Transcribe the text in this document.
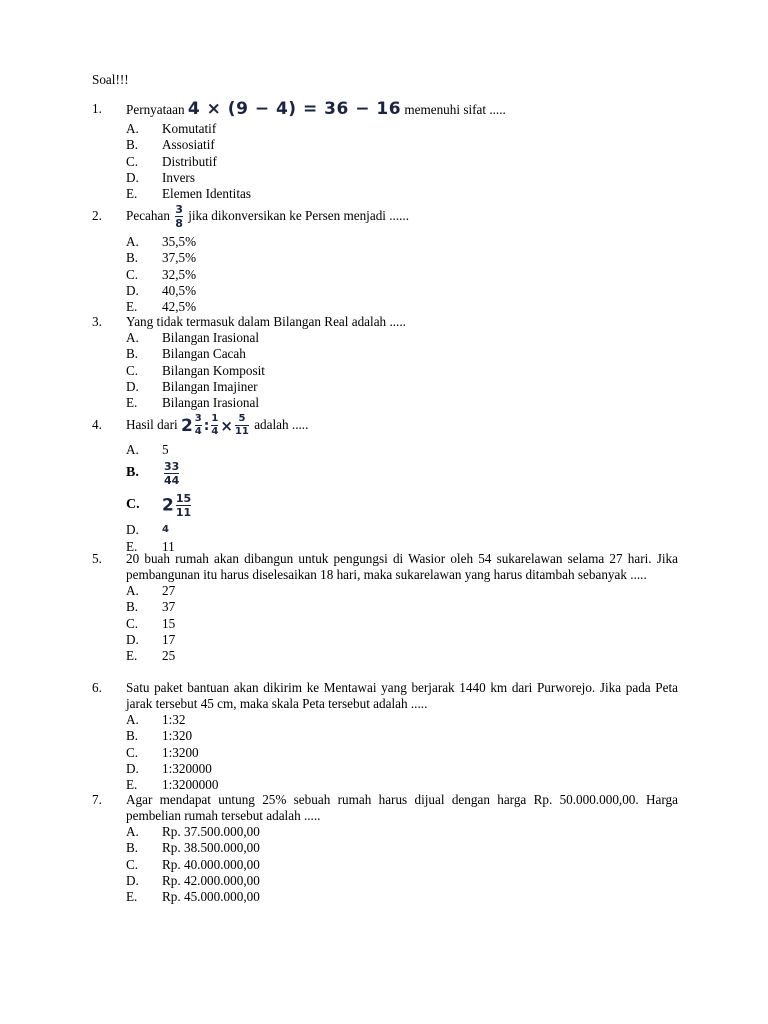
Soal!!!
1.	Pernyataan 4 × (9 − 4) = 36 − 16 memenuhi sifat .....
A.	Komutatif
B.	Assosiatif
C.	Distributif
D.	Invers
E.	Elemen Identitas
2.	Pecahan $\frac{3}{8}$ jika dikonversikan ke Persen menjadi ......
A.	35,5%
B.	37,5%
C.	32,5%
D.	40,5%
E.	42,5%
3.	Yang tidak termasuk dalam Bilangan Real adalah .....
A.	Bilangan Irasional
B.	Bilangan Cacah
C.	Bilangan Komposit
D.	Bilangan Imajiner
E.	Bilangan Irasional
4.	Hasil dari $2 \frac{3}{4}$ : $\frac{1}{4} \times \frac{5}{11}$ adalah .....
A.	5
B.	$\frac{33}{44}$
C.	$2 \frac{15}{11}$
D.	4
E.	11
5.	20 buah rumah akan dibangun untuk pengungsi di Wasior oleh 54 sukarelawan selama 27 hari. Jika pembangunan itu harus diselesaikan 18 hari, maka sukarelawan yang harus ditambah sebanyak .....
A.	27
B.	37
C.	15
D.	17
E.	25
6.	Satu paket bantuan akan dikirim ke Mentawai yang berjarak 1440 km dari Purworejo. Jika pada Peta jarak tersebut 45 cm, maka skala Peta tersebut adalah .....
A.	1:32
B.	1:320
C.	1:3200
D.	1:320000
E.	1:3200000
7.	Agar mendapat untung 25% sebuah rumah harus dijual dengan harga Rp. 50.000.000,00. Harga pembelian rumah tersebut adalah .....
A.	Rp. 37.500.000,00
B.	Rp. 38.500.000,00
C.	Rp. 40.000.000,00
D.	Rp. 42.000.000,00
E.	Rp. 45.000.000,00
